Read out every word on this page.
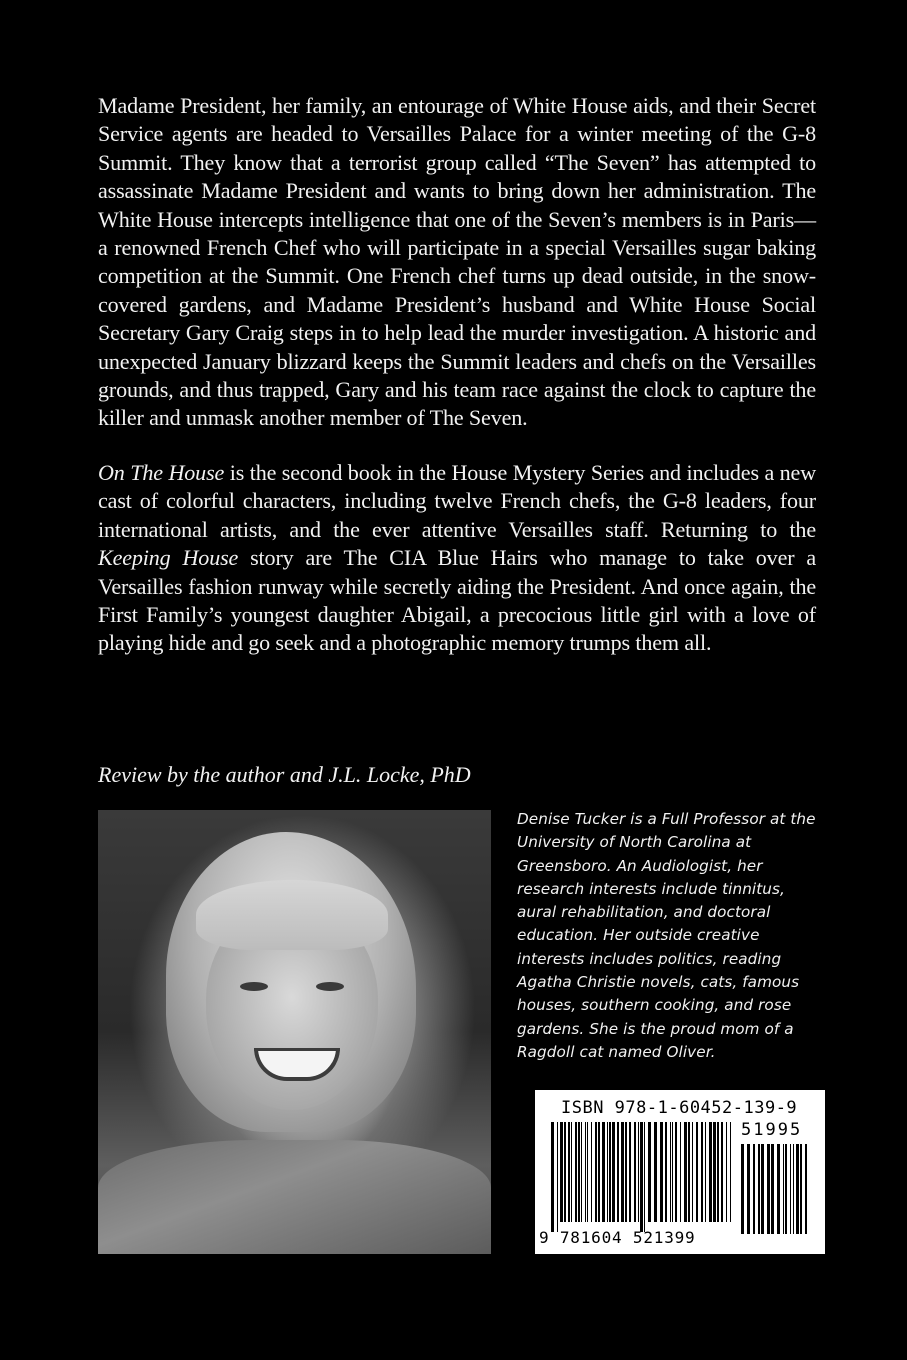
Madame President, her family, an entourage of White House aids, and their Secret Service agents are headed to Versailles Palace for a winter meeting of the G-8 Summit. They know that a terrorist group called “The Seven” has attempted to assassinate Madame President and wants to bring down her administration. The White House intercepts intelligence that one of the Seven’s members is in Paris—a renowned French Chef who will participate in a special Versailles sugar baking competition at the Summit. One French chef turns up dead outside, in the snow-covered gardens, and Madame President’s husband and White House Social Secretary Gary Craig steps in to help lead the murder investigation. A historic and unexpected January blizzard keeps the Summit leaders and chefs on the Versailles grounds, and thus trapped, Gary and his team race against the clock to capture the killer and unmask another member of The Seven.

On The House is the second book in the House Mystery Series and includes a new cast of colorful characters, including twelve French chefs, the G-8 leaders, four international artists, and the ever attentive Versailles staff. Returning to the Keeping House story are The CIA Blue Hairs who manage to take over a Versailles fashion runway while secretly aiding the President. And once again, the First Family’s youngest daughter Abigail, a precocious little girl with a love of playing hide and go seek and a photographic memory trumps them all.

Review by the author and J.L. Locke, PhD

Denise Tucker is a Full Professor at the University of North Carolina at Greensboro. An Audiologist, her research interests include tinnitus, aural rehabilitation, and doctoral education. Her outside creative interests includes politics, reading Agatha Christie novels, cats, famous houses, southern cooking, and rose gardens. She is the proud mom of a Ragdoll cat named Oliver.

ISBN 978-1-60452-139-9

51995

9 781604 521399
